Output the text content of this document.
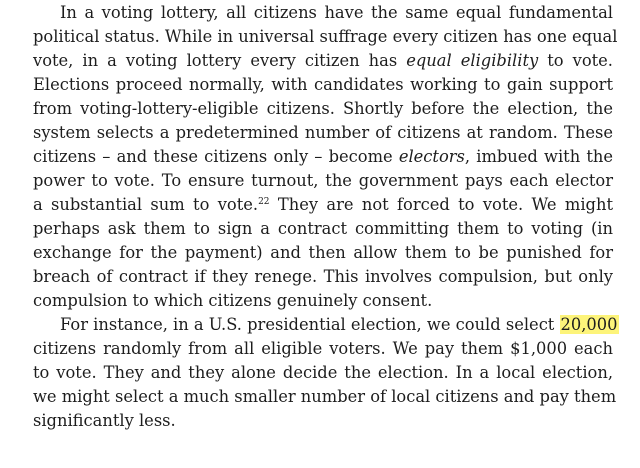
In a voting lottery, all citizens have the same equal fundamental
political status. While in universal suffrage every citizen has one equal
vote, in a voting lottery every citizen has equal eligibility to vote.
Elections proceed normally, with candidates working to gain support
from voting-lottery-eligible citizens. Shortly before the election, the
system selects a predetermined number of citizens at random. These
citizens – and these citizens only – become electors, imbued with the
power to vote. To ensure turnout, the government pays each elector
a substantial sum to vote.$^{22}$ They are not forced to vote. We might
perhaps ask them to sign a contract committing them to voting (in
exchange for the payment) and then allow them to be punished for
breach of contract if they renege. This involves compulsion, but only
compulsion to which citizens genuinely consent.
For instance, in a U.S. presidential election, we could select 20,000
citizens randomly from all eligible voters. We pay them $1,000 each
to vote. They and they alone decide the election. In a local election,
we might select a much smaller number of local citizens and pay them
significantly less.
